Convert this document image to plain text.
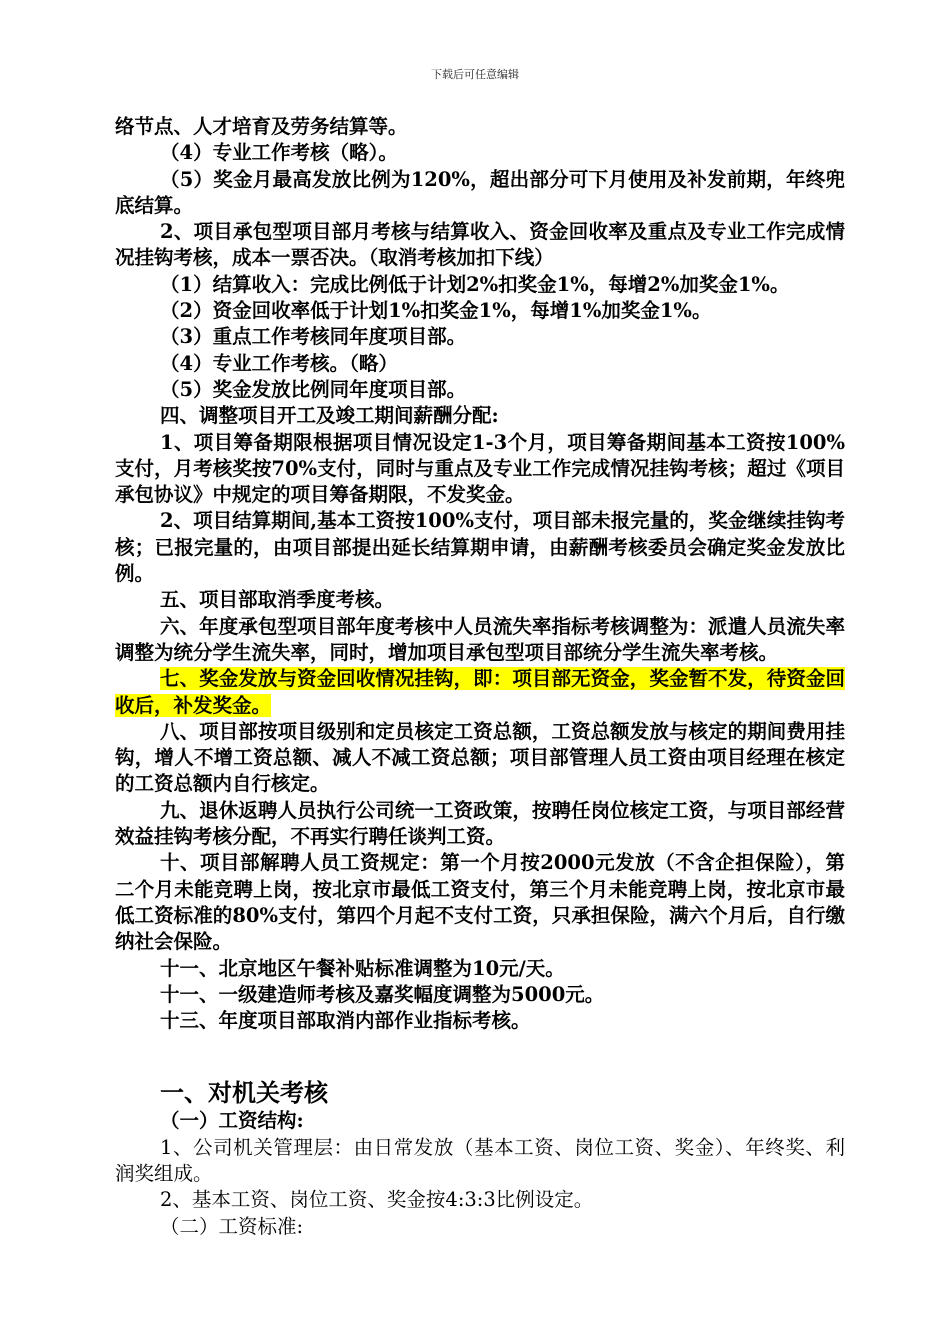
下载后可任意编辑

络节点、人才培育及劳务结算等。

（4）专业工作考核（略）。

（5）奖金月最高发放比例为120%，超出部分可下月使用及补发前期，年终兜底结算。

2、项目承包型项目部月考核与结算收入、资金回收率及重点及专业工作完成情况挂钩考核，成本一票否决。（取消考核加扣下线）

（1）结算收入：完成比例低于计划2%扣奖金1%，每增2%加奖金1%。

（2）资金回收率低于计划1%扣奖金1%，每增1%加奖金1%。

（3）重点工作考核同年度项目部。

（4）专业工作考核。（略）

（5）奖金发放比例同年度项目部。

四、调整项目开工及竣工期间薪酬分配:

1、项目筹备期限根据项目情况设定1-3个月，项目筹备期间基本工资按100%支付，月考核奖按70%支付，同时与重点及专业工作完成情况挂钩考核；超过《项目承包协议》中规定的项目筹备期限，不发奖金。

2、项目结算期间,基本工资按100%支付，项目部未报完量的，奖金继续挂钩考核；已报完量的，由项目部提出延长结算期申请，由薪酬考核委员会确定奖金发放比例。

五、项目部取消季度考核。

六、年度承包型项目部年度考核中人员流失率指标考核调整为：派遣人员流失率调整为统分学生流失率，同时，增加项目承包型项目部统分学生流失率考核。

七、奖金发放与资金回收情况挂钩，即：项目部无资金，奖金暂不发，待资金回收后，补发奖金。

八、项目部按项目级别和定员核定工资总额，工资总额发放与核定的期间费用挂钩，增人不增工资总额、减人不减工资总额；项目部管理人员工资由项目经理在核定的工资总额内自行核定。

九、退休返聘人员执行公司统一工资政策，按聘任岗位核定工资，与项目部经营效益挂钩考核分配，不再实行聘任谈判工资。

十、项目部解聘人员工资规定：第一个月按2000元发放（不含企担保险），第二个月未能竞聘上岗，按北京市最低工资支付，第三个月未能竞聘上岗，按北京市最低工资标准的80%支付，第四个月起不支付工资，只承担保险，满六个月后，自行缴纳社会保险。

十一、北京地区午餐补贴标准调整为10元/天。

十一、一级建造师考核及嘉奖幅度调整为5000元。

十三、年度项目部取消内部作业指标考核。

一、对机关考核

（一）工资结构:

1、公司机关管理层：由日常发放（基本工资、岗位工资、奖金）、年终奖、利润奖组成。

2、基本工资、岗位工资、奖金按4:3:3比例设定。

（二）工资标准:
